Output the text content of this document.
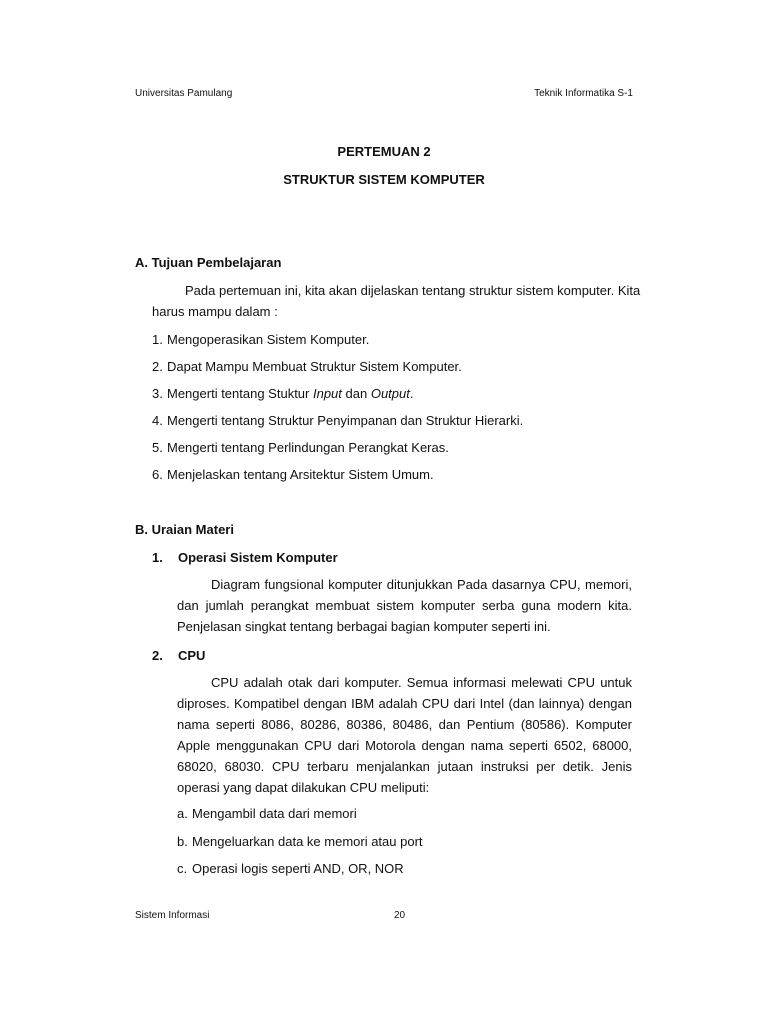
Universitas Pamulang	Teknik Informatika S-1
PERTEMUAN 2
STRUKTUR SISTEM KOMPUTER
A. Tujuan Pembelajaran
Pada pertemuan ini, kita akan dijelaskan tentang struktur sistem komputer. Kita
harus mampu dalam :
1. Mengoperasikan Sistem Komputer.
2. Dapat Mampu Membuat Struktur Sistem Komputer.
3. Mengerti tentang Stuktur Input dan Output.
4. Mengerti tentang Struktur Penyimpanan dan Struktur Hierarki.
5. Mengerti tentang Perlindungan Perangkat Keras.
6. Menjelaskan tentang Arsitektur Sistem Umum.
B. Uraian Materi
1. Operasi Sistem Komputer
Diagram fungsional komputer ditunjukkan Pada dasarnya CPU, memori, dan jumlah perangkat membuat sistem komputer serba guna modern kita. Penjelasan singkat tentang berbagai bagian komputer seperti ini.
2. CPU
CPU adalah otak dari komputer. Semua informasi melewati CPU untuk diproses. Kompatibel dengan IBM adalah CPU dari Intel (dan lainnya) dengan nama seperti 8086, 80286, 80386, 80486, dan Pentium (80586). Komputer Apple menggunakan CPU dari Motorola dengan nama seperti 6502, 68000, 68020, 68030. CPU terbaru menjalankan jutaan instruksi per detik. Jenis operasi yang dapat dilakukan CPU meliputi:
a. Mengambil data dari memori
b. Mengeluarkan data ke memori atau port
c. Operasi logis seperti AND, OR, NOR
Sistem Informasi	20
